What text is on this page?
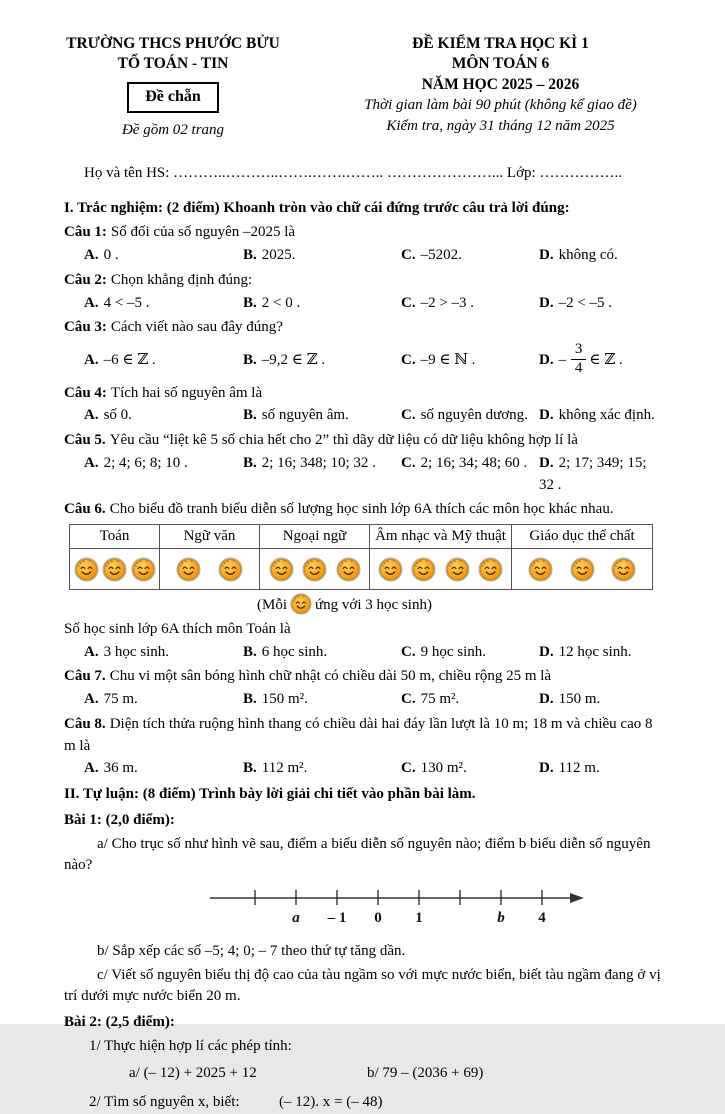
TRƯỜNG THCS PHƯỚC BỬU
TỔ TOÁN - TIN
Đề chẵn
Đề gồm 02 trang
ĐỀ KIỂM TRA HỌC KÌ 1
MÔN TOÁN 6
NĂM HỌC 2025 – 2026
Thời gian làm bài 90 phút (không kể giao đề)
Kiểm tra, ngày 31 tháng 12 năm 2025

Họ và tên HS: ………..………..…….…….…….. …………………... Lớp: ……………..

I. Trắc nghiệm: (2 điểm) Khoanh tròn vào chữ cái đứng trước câu trả lời đúng:

Câu 1: Số đối của số nguyên –2025 là

A. 0 .	B. 2025.	C. –5202.	D. không có.

Câu 2: Chọn khẳng định đúng:

A. 4 < –5 .	B. 2 < 0 .	C. –2 > –3 .	D. –2 < –5 .

Câu 3: Cách viết nào sau đây đúng?

A. –6 ∈ ℤ .	B. –9,2 ∈ ℤ .	C. –9 ∈ ℕ .	D. – $\frac{3}{4}$ ∈ ℤ .

Câu 4: Tích hai số nguyên âm là

A. số 0.	B. số nguyên âm.	C. số nguyên dương. D. không xác định.

Câu 5. Yêu cầu “liệt kê 5 số chia hết cho 2” thì dãy dữ liệu có dữ liệu không hợp lí là

A. 2; 4; 6; 8; 10 .	B. 2; 16; 348; 10; 32 .	C. 2; 16; 34; 48; 60 . D. 2; 17; 349; 15; 32 .

Câu 6. Cho biểu đồ tranh biểu diễn số lượng học sinh lớp 6A thích các môn học khác nhau.

Toán	Ngữ văn	Ngoại ngữ	Âm nhạc và Mỹ thuật	Giáo dục thể chất

(Mỗi ứng với 3 học sinh)

Số học sinh lớp 6A thích môn Toán là

A. 3 học sinh.	B. 6 học sinh.	C. 9 học sinh.	D. 12 học sinh.

Câu 7. Chu vi một sân bóng hình chữ nhật có chiều dài 50 m, chiều rộng 25 m là

A. 75 m.	B. 150 m².	C. 75 m².	D. 150 m.

Câu 8. Diện tích thửa ruộng hình thang có chiều dài hai đáy lần lượt là 10 m; 18 m và chiều cao 8 m là

A. 36 m.	B. 112 m².	C. 130 m².	D. 112 m.

II. Tự luận: (8 điểm) Trình bày lời giải chi tiết vào phần bài làm.

Bài 1: (2,0 điểm):

a/ Cho trục số như hình vẽ sau, điểm a biểu diễn số nguyên nào; điểm b biểu diễn số nguyên nào?

a – 1 0 1	b 4

b/ Sắp xếp các số –5; 4; 0; – 7 theo thứ tự tăng dần.

c/ Viết số nguyên biểu thị độ cao của tàu ngầm so với mực nước biển, biết tàu ngầm đang ở vị trí dưới mực nước biển 20 m.

Bài 2: (2,5 điểm):

1/ Thực hiện hợp lí các phép tính:

a/ (– 12) + 2025 + 12	b/ 79 – (2036 + 69)
2/ Tìm số nguyên x, biết:	(– 12). x = (– 48)
